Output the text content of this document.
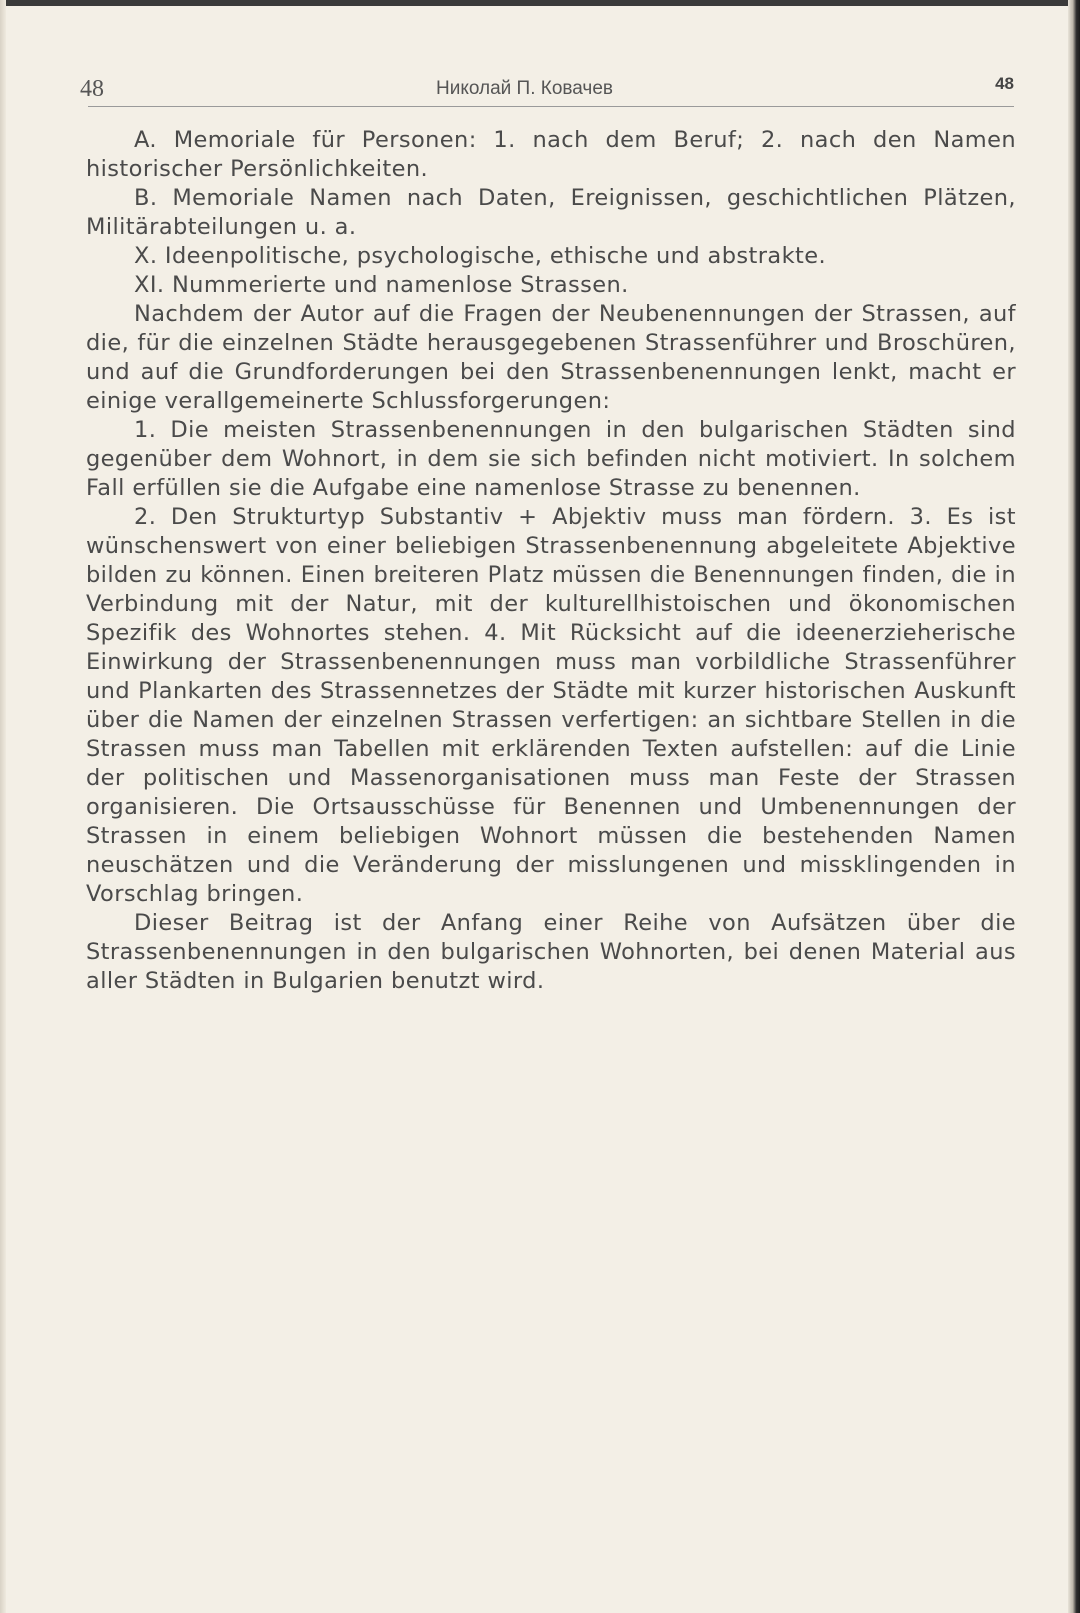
48	Николай П. Ковачев	48

A. Memoriale für Personen: 1. nach dem Beruf; 2. nach den Namen historischer Persönlichkeiten.

B. Memoriale Namen nach Daten, Ereignissen, geschichtlichen Plätzen, Militärabteilungen u. a.

X. Ideenpolitische, psychologische, ethische und abstrakte.

XI. Nummerierte und namenlose Strassen.

Nachdem der Autor auf die Fragen der Neubenennungen der Strassen, auf die, für die einzelnen Städte herausgegebenen Strassenführer und Broschüren, und auf die Grundforderungen bei den Strassenbenennungen lenkt, macht er einige verallgemeinerte Schlussforgerungen:

1. Die meisten Strassenbenennungen in den bulgarischen Städten sind gegenüber dem Wohnort, in dem sie sich befinden nicht motiviert. In solchem Fall erfüllen sie die Aufgabe eine namenlose Strasse zu benennen.

2. Den Strukturtyp Substantiv + Abjektiv muss man fördern. 3. Es ist wünschenswert von einer beliebigen Strassenbenennung abgeleitete Abjektive bilden zu können. Einen breiteren Platz müssen die Benennungen finden, die in Verbindung mit der Natur, mit der kulturellhistoischen und ökonomischen Spezifik des Wohnortes stehen. 4. Mit Rücksicht auf die ideenerzieherische Einwirkung der Strassenbenennungen muss man vorbildliche Strassenführer und Plankarten des Strassennetzes der Städte mit kurzer historischen Auskunft über die Namen der einzelnen Strassen verfertigen: an sichtbare Stellen in die Strassen muss man Tabellen mit erklärenden Texten aufstellen: auf die Linie der politischen und Massenorganisationen muss man Feste der Strassen organisieren. Die Ortsausschüsse für Benennen und Umbenennungen der Strassen in einem beliebigen Wohnort müssen die bestehenden Namen neuschätzen und die Veränderung der misslungenen und missklingenden in Vorschlag bringen.

Dieser Beitrag ist der Anfang einer Reihe von Aufsätzen über die Strassenbenennungen in den bulgarischen Wohnorten, bei denen Material aus aller Städten in Bulgarien benutzt wird.
